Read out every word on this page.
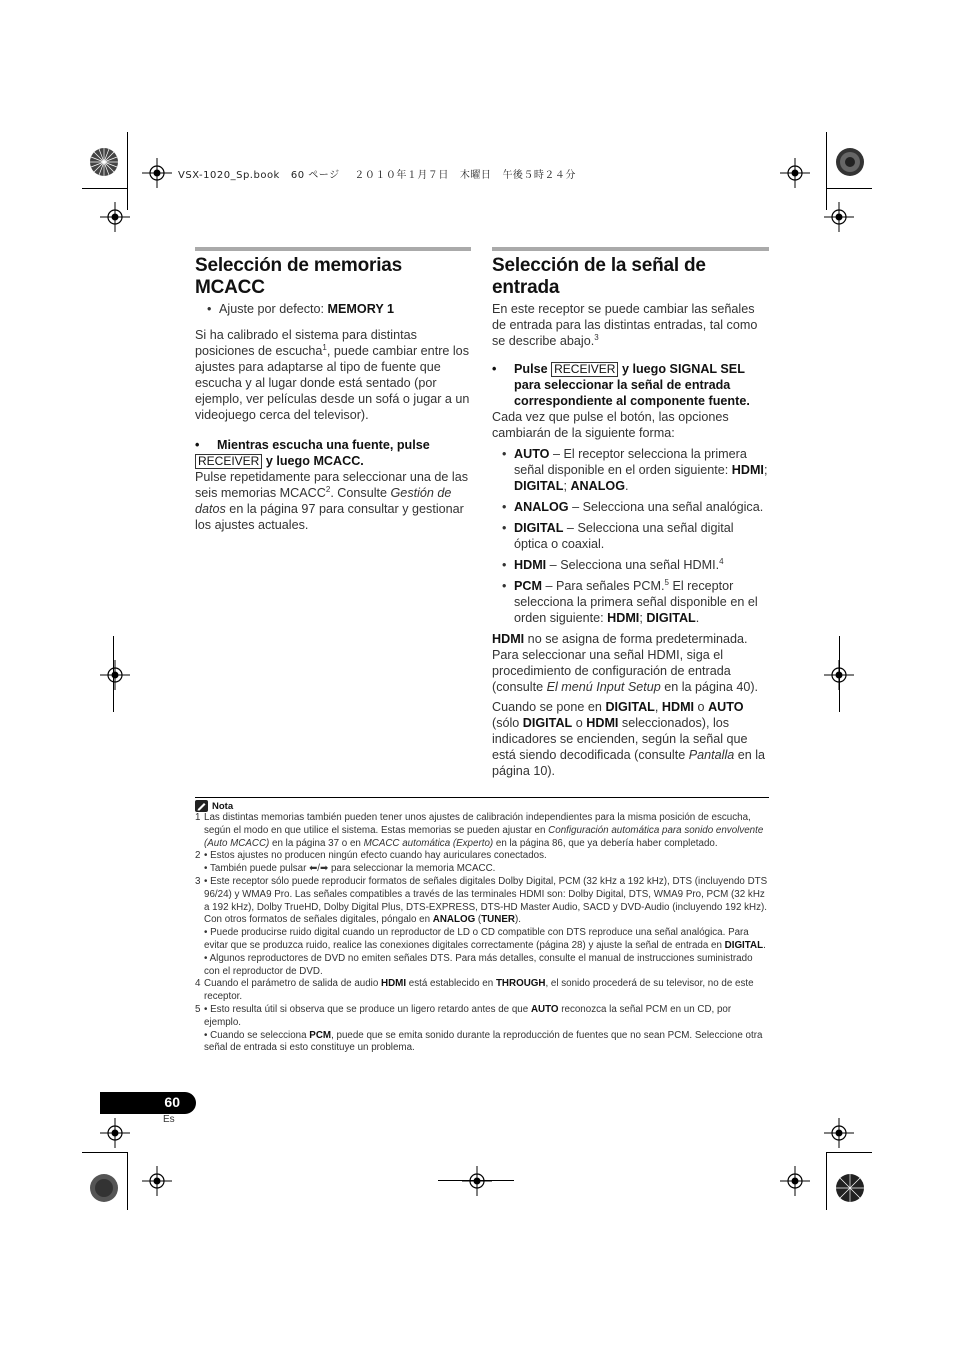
VSX-1020_Sp.book 60 ページ ２０１０年１月７日 木曜日 午後５時２４分
Selección de memorias MCACC
• Ajuste por defecto: MEMORY 1

Si ha calibrado el sistema para distintas posiciones de escucha$^1$, puede cambiar entre los ajustes para adaptarse al tipo de fuente que escucha y al lugar donde está sentado (por ejemplo, ver películas desde un sofá o jugar a un videojuego cerca del televisor).

• Mientras escucha una fuente, pulse
RECEIVER y luego MCACC.

Pulse repetidamente para seleccionar una de las seis memorias MCACC$^2$. Consulte Gestión de datos en la página 97 para consultar y gestionar los ajustes actuales.

Selección de la señal de entrada

En este receptor se puede cambiar las señales de entrada para las distintas entradas, tal como se describe abajo.$^3$

• Pulse RECEIVER y luego SIGNAL SEL para seleccionar la señal de entrada correspondiente al componente fuente.

Cada vez que pulse el botón, las opciones cambiarán de la siguiente forma:

• AUTO – El receptor selecciona la primera señal disponible en el orden siguiente: HDMI; DIGITAL; ANALOG.
• ANALOG – Selecciona una señal analógica.
• DIGITAL – Selecciona una señal digital óptica o coaxial.
• HDMI – Selecciona una señal HDMI.$^4$
• PCM – Para señales PCM.$^5$ El receptor selecciona la primera señal disponible en el orden siguiente: HDMI; DIGITAL.

HDMI no se asigna de forma predeterminada. Para seleccionar una señal HDMI, siga el procedimiento de configuración de entrada (consulte El menú Input Setup en la página 40).

Cuando se pone en DIGITAL, HDMI o AUTO (sólo DIGITAL o HDMI seleccionados), los indicadores se encienden, según la señal que está siendo decodificada (consulte Pantalla en la página 10).

Nota
1 Las distintas memorias también pueden tener unos ajustes de calibración independientes para la misma posición de escucha, según el modo en que utilice el sistema. Estas memorias se pueden ajustar en Configuración automática para sonido envolvente (Auto MCACC) en la página 37 o en MCACC automática (Experto) en la página 86, que ya debería haber completado.
2 • Estos ajustes no producen ningún efecto cuando hay auriculares conectados.
• También puede pulsar ⬅/➡ para seleccionar la memoria MCACC.
3 • Este receptor sólo puede reproducir formatos de señales digitales Dolby Digital, PCM (32 kHz a 192 kHz), DTS (incluyendo DTS 96/24) y WMA9 Pro. Las señales compatibles a través de las terminales HDMI son: Dolby Digital, DTS, WMA9 Pro, PCM (32 kHz a 192 kHz), Dolby TrueHD, Dolby Digital Plus, DTS-EXPRESS, DTS-HD Master Audio, SACD y DVD-Audio (incluyendo 192 kHz). Con otros formatos de señales digitales, póngalo en ANALOG (TUNER).
• Puede producirse ruido digital cuando un reproductor de LD o CD compatible con DTS reproduce una señal analógica. Para evitar que se produzca ruido, realice las conexiones digitales correctamente (página 28) y ajuste la señal de entrada en DIGITAL.
• Algunos reproductores de DVD no emiten señales DTS. Para más detalles, consulte el manual de instrucciones suministrado con el reproductor de DVD.
4 Cuando el parámetro de salida de audio HDMI está establecido en THROUGH, el sonido procederá de su televisor, no de este receptor.
5 • Esto resulta útil si observa que se produce un ligero retardo antes de que AUTO reconozca la señal PCM en un CD, por ejemplo.
• Cuando se selecciona PCM, puede que se emita sonido durante la reproducción de fuentes que no sean PCM. Seleccione otra señal de entrada si esto constituye un problema.
60
Es
